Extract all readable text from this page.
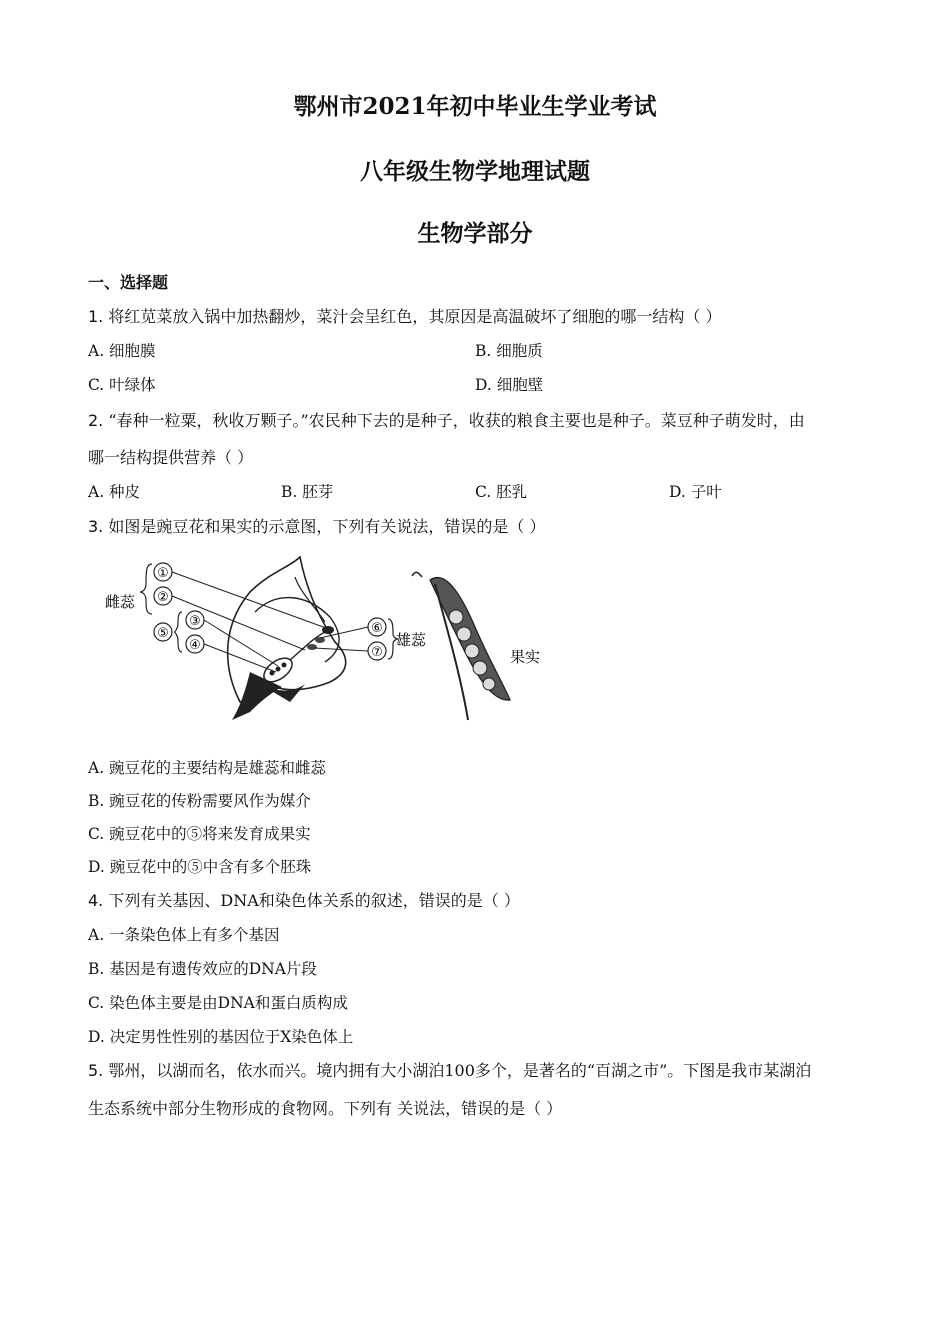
鄂州市2021年初中毕业生学业考试
八年级生物学地理试题
生物学部分
一、选择题
1. 将红苋菜放入锅中加热翻炒，菜汁会呈红色，其原因是高温破坏了细胞的哪一结构（ ）
A. 细胞膜	B. 细胞质
C. 叶绿体	D. 细胞壁
2. “春种一粒粟，秋收万颗子。”农民种下去的是种子，收获的粮食主要也是种子。菜豆种子萌发时，由
哪一结构提供营养（ ）
A. 种皮	B. 胚芽	C. 胚乳	D. 子叶
3. 如图是豌豆花和果实的示意图，下列有关说法，错误的是（ ）
①
②
③
④
⑤
雌蕊
⑥
⑦
雄蕊
果实
A. 豌豆花的主要结构是雄蕊和雌蕊
B. 豌豆花的传粉需要风作为媒介
C. 豌豆花中的⑤将来发育成果实
D. 豌豆花中的⑤中含有多个胚珠
4. 下列有关基因、DNA和染色体关系的叙述，错误的是（ ）
A. 一条染色体上有多个基因
B. 基因是有遗传效应的DNA片段
C. 染色体主要是由DNA和蛋白质构成
D. 决定男性性别的基因位于X染色体上
5. 鄂州，以湖而名，依水而兴。境内拥有大小湖泊100多个，是著名的“百湖之市”。下图是我市某湖泊
生态系统中部分生物形成的食物网。下列有 关说法，错误的是（ ）
